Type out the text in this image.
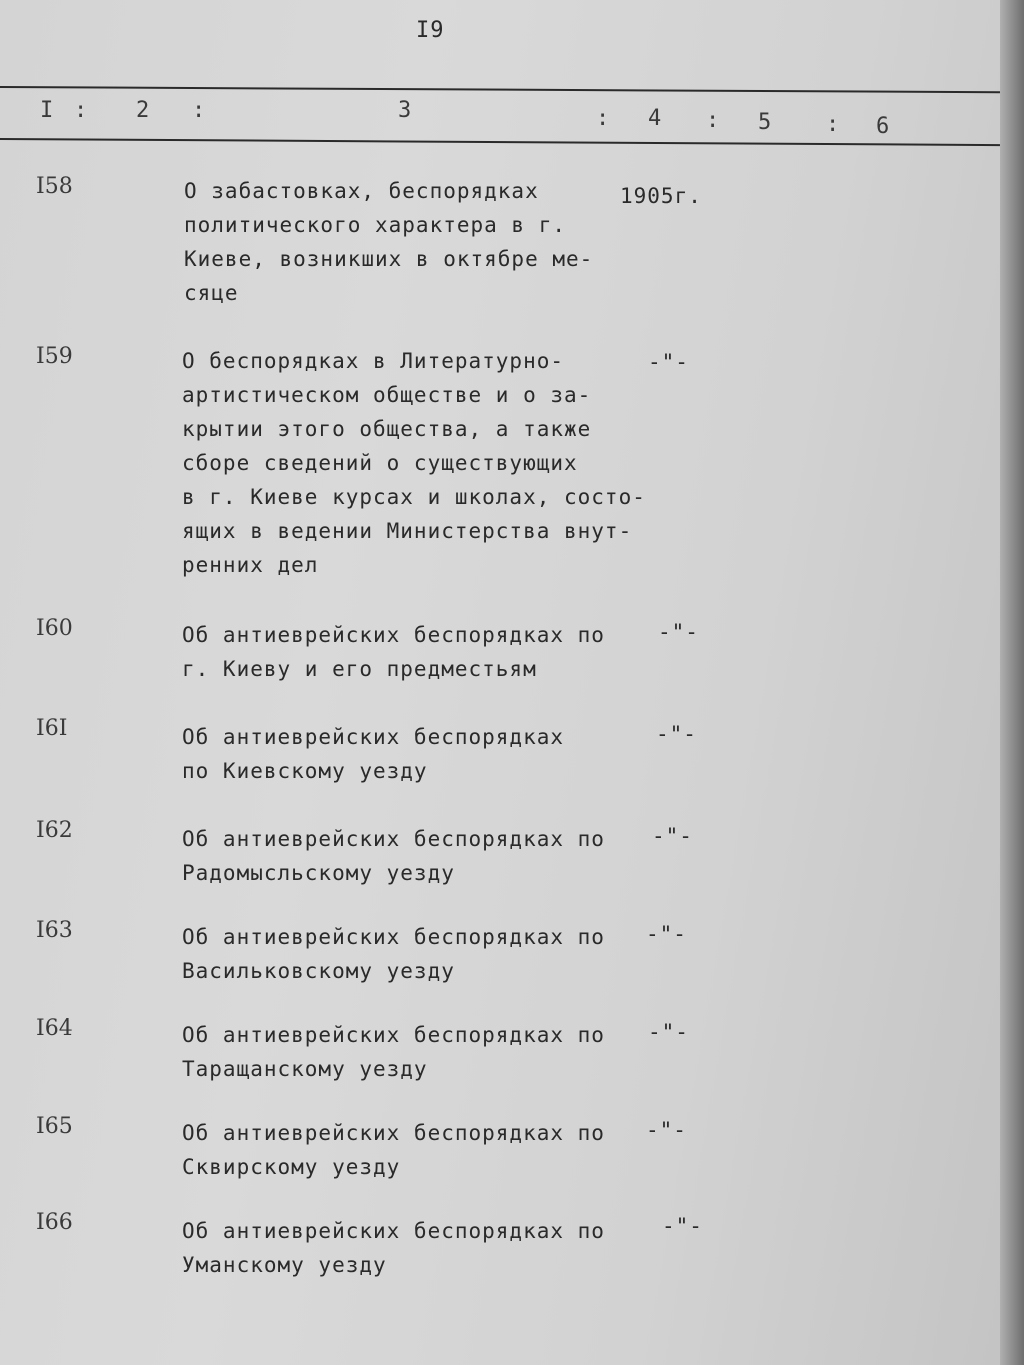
I9
I : 2 :	3	: 4 : 5 : 6
I58	О забастовках, беспорядках
политического характера в г.
Киеве, возникших в октябре ме-
сяце
1905г.
I59	О беспорядках в Литературно-
артистическом обществе и о за-
крытии этого общества, а также
сборе сведений о существующих
в г. Киеве курсах и школах, состо-
ящих в ведении Министерства внут-
ренних дел
-"-
I60	Об антиеврейских беспорядках по
г. Киеву и его предместьям
-"-
I6I	Об антиеврейских беспорядках
по Киевскому уезду
-"-
I62	Об антиеврейских беспорядках по
Радомысльскому уезду
-"-
I63	Об антиеврейских беспорядках по
Васильковскому уезду
-"-
I64	Об антиеврейских беспорядках по
Таращанскому уезду
-"-
I65	Об антиеврейских беспорядках по
Сквирскому уезду
-"-
I66	Об антиеврейских беспорядках по
Уманскому уезду
-"-
